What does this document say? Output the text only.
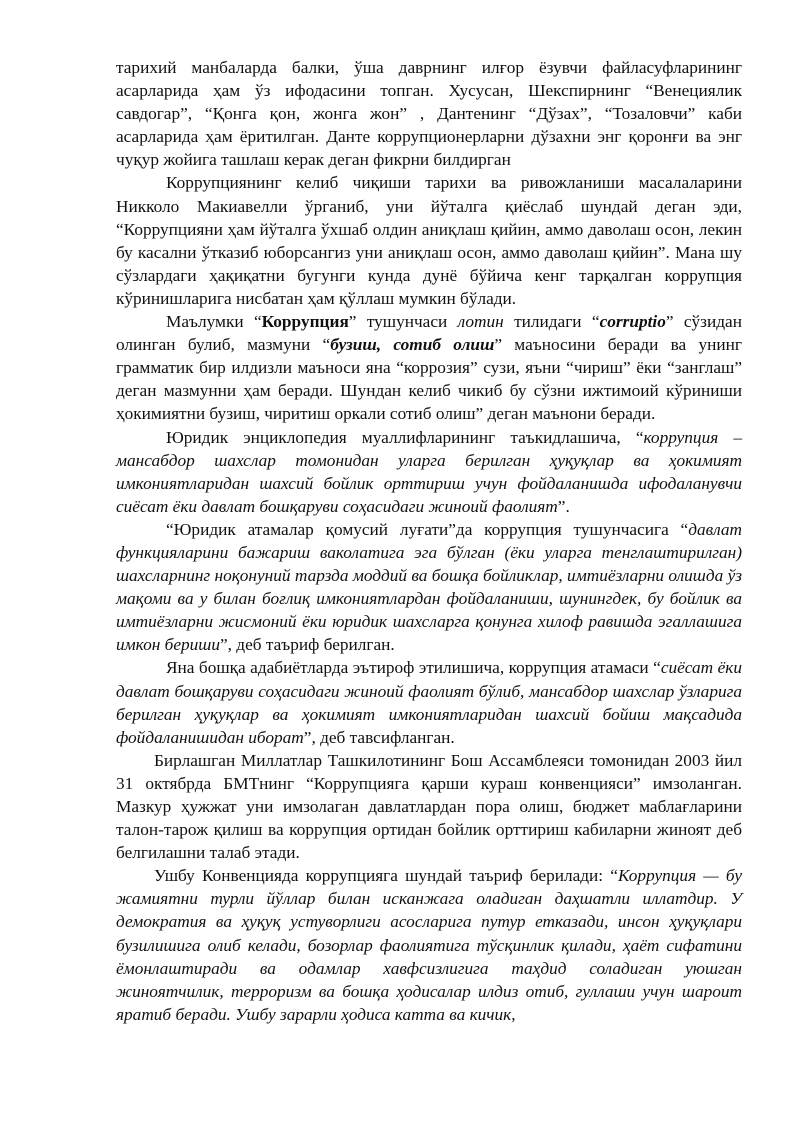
тарихий манбаларда балки, ўша даврнинг илғор ёзувчи файласуфларининг асарларида ҳам ўз ифодасини топган. Хусусан, Шекспирнинг “Венециялик савдогар”, “Қонга қон, жонга жон” , Дантенинг “Дўзах”, “Тозаловчи” каби асарларида ҳам ёритилган. Данте коррупционерларни дўзахни энг қоронғи ва энг чуқур жойига ташлаш керак деган фикрни билдирган

Коррупциянинг келиб чиқиши тарихи ва ривожланиши масалаларини Никколо Макиавелли ўрганиб, уни йўталга қиёслаб шундай деган эди, “Коррупцияни ҳам йўталга ўхшаб олдин аниқлаш қийин, аммо даволаш осон, лекин бу касални ўтказиб юборсангиз уни аниқлаш осон, аммо даволаш қийин”. Мана шу сўзлардаги ҳақиқатни бугунги кунда дунё бўйича кенг тарқалган коррупция кўринишларига нисбатан ҳам қўллаш мумкин бўлади.

Маълумки “Коррупция” тушунчаси лотин тилидаги “corruptio” сўзидан олинган булиб, мазмуни “бузиш, сотиб олиш” маъносини беради ва унинг грамматик бир илдизли маъноси яна “коррозия” сузи, яъни “чириш” ёки “занглаш” деган мазмунни ҳам беради. Шундан келиб чикиб бу сўзни ижтимоий кўриниши ҳокимиятни бузиш, чиритиш оркали сотиб олиш” деган маънони беради.

Юридик энциклопедия муаллифларининг таъкидлашича, “коррупция – мансабдор шахслар томонидан уларга берилган ҳуқуқлар ва ҳокимият имкониятларидан шахсий бойлик орттириш учун фойдаланишда ифодаланувчи сиёсат ёки давлат бошқаруви соҳасидаги жиноий фаолият”.

“Юридик атамалар қомусий луғати”да коррупция тушунчасига “давлат функцияларини бажариш ваколатига эга бўлган (ёки уларга тенглаштирилган) шахсларнинг ноқонуний тарзда моддий ва бошқа бойликлар, имтиёзларни олишда ўз мақоми ва у билан боғлиқ имкониятлардан фойдаланиши, шунингдек, бу бойлик ва имтиёзларни жисмоний ёки юридик шахсларга қонунга хилоф равишда эгаллашига имкон бериши”, деб таъриф берилган.

Яна бошқа адабиётларда эътироф этилишича, коррупция атамаси “сиёсат ёки давлат бошқаруви соҳасидаги жиноий фаолият бўлиб, мансабдор шахслар ўзларига берилган ҳуқуқлар ва ҳокимият имкониятларидан шахсий бойиш мақсадида фойдаланишидан иборат”, деб тавсифланган.

Бирлашган Миллатлар Ташкилотининг Бош Ассамблеяси томонидан 2003 йил 31 октябрда БМТнинг “Коррупцияга қарши кураш конвенцияси” имзоланган. Мазкур ҳужжат уни имзолаган давлатлардан пора олиш, бюджет маблағларини талон-тарож қилиш ва коррупция ортидан бойлик орттириш кабиларни жиноят деб белгилашни талаб этади.

Ушбу Конвенцияда коррупцияга шундай таъриф берилади: “Коррупция — бу жамиятни турли йўллар билан исканжага оладиган даҳшатли иллатдир. У демократия ва ҳуқуқ устуворлиги асосларига путур етказади, инсон ҳуқуқлари бузилишига олиб келади, бозорлар фаолиятига тўсқинлик қилади, ҳаёт сифатини ёмонлаштиради ва одамлар хавфсизлигига таҳдид соладиган уюшган жиноятчилик, терроризм ва бошқа ҳодисалар илдиз отиб, гуллаши учун шароит яратиб беради. Ушбу зарарли ҳодиса катта ва кичик,
